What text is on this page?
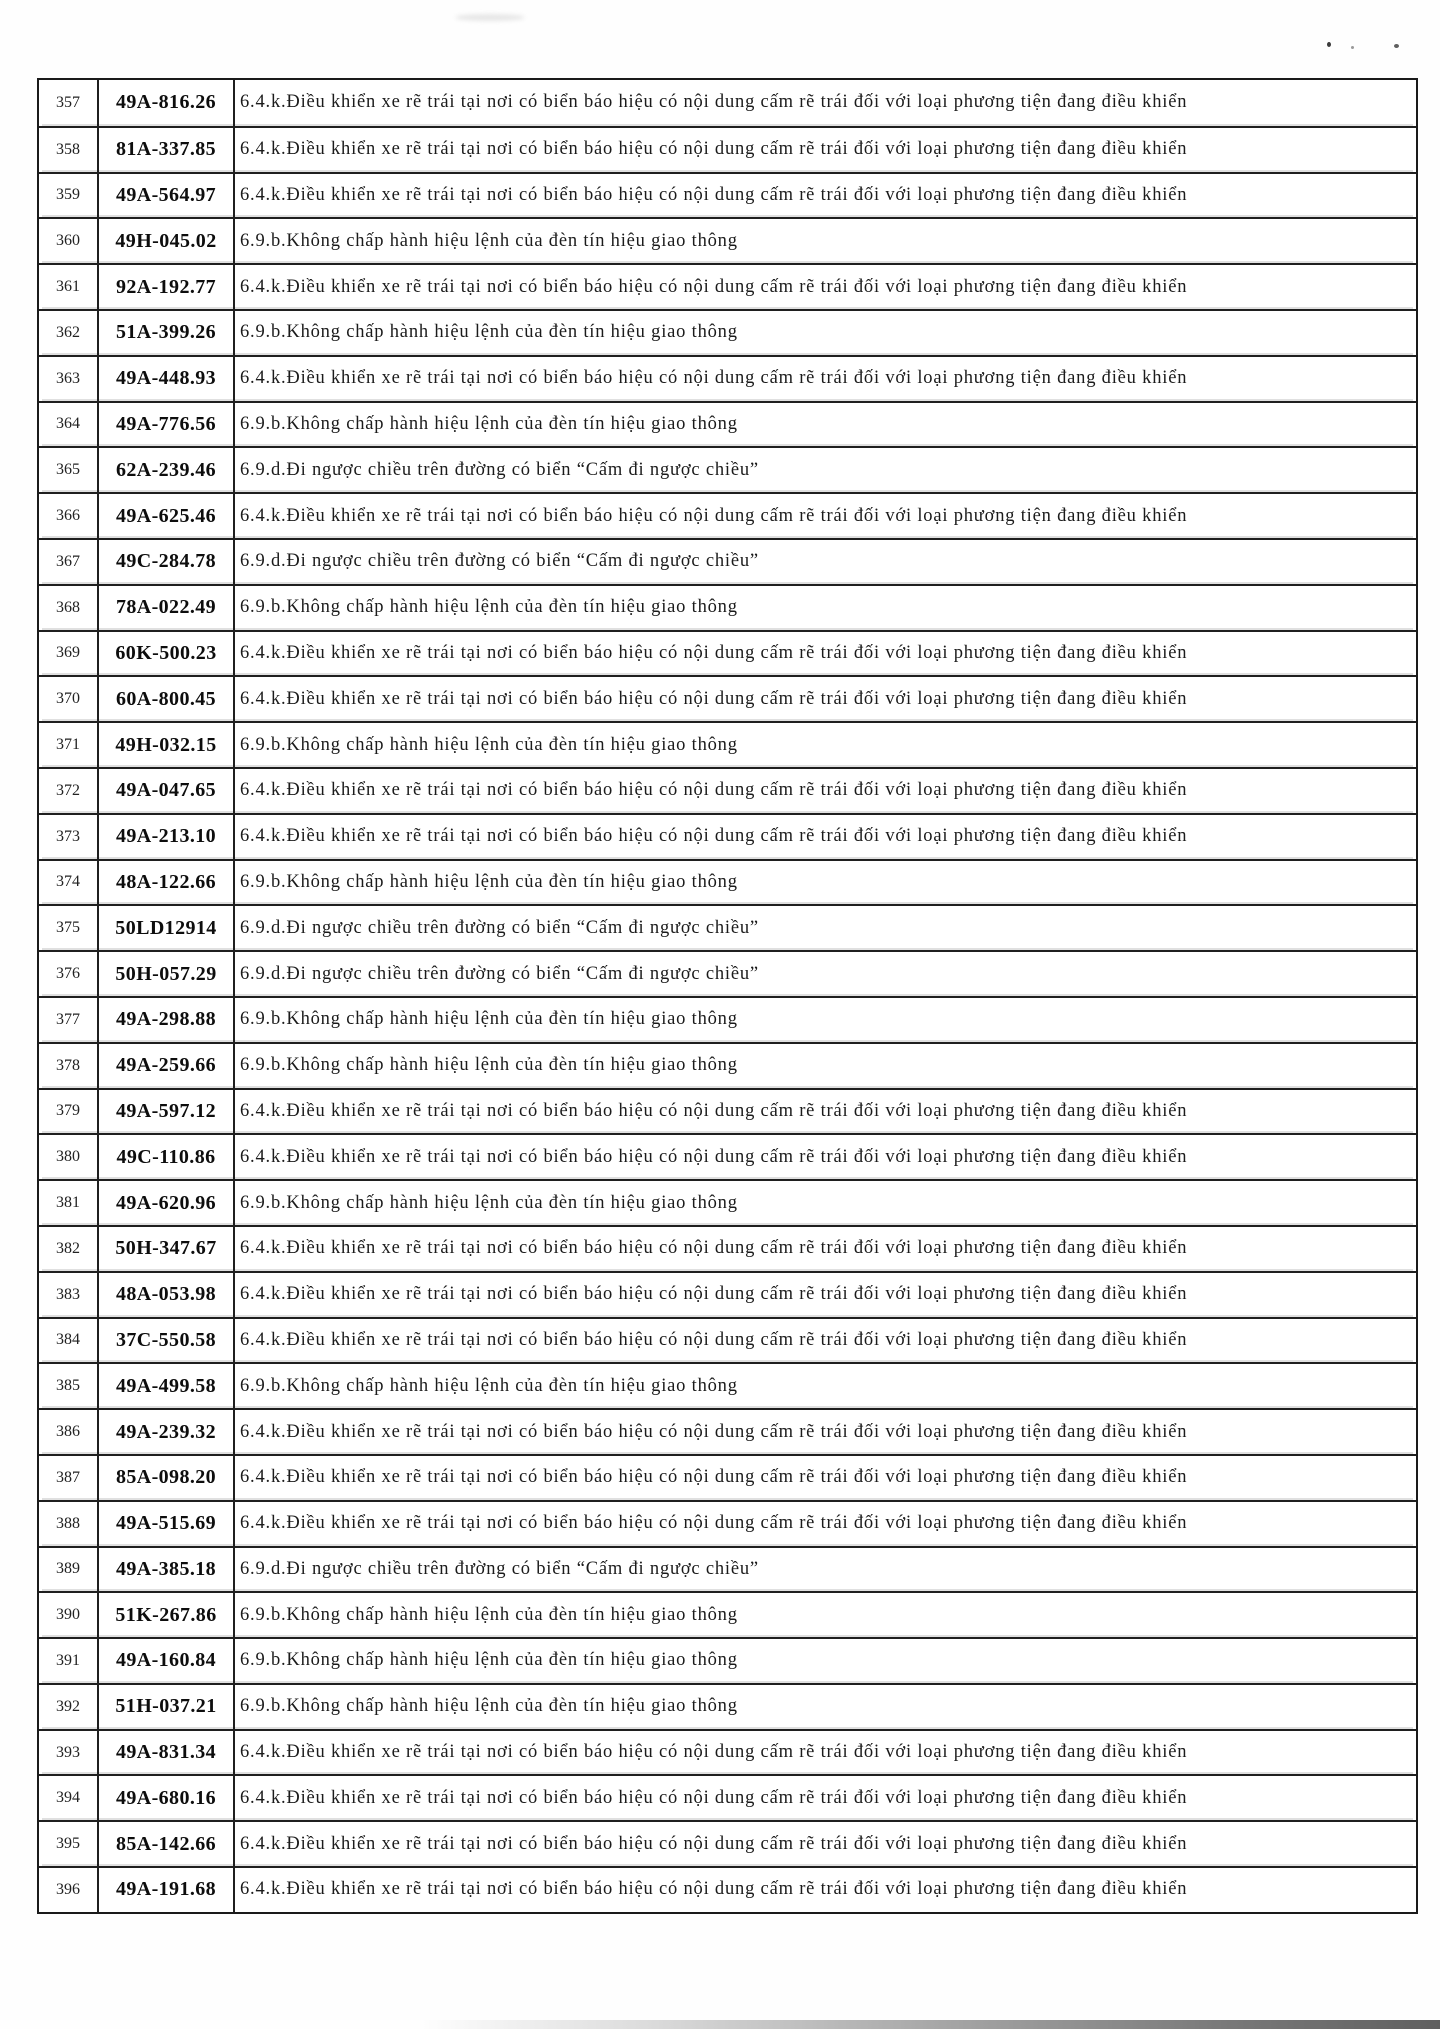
357	49A-816.26	6.4.k.Điều khiển xe rẽ trái tại nơi có biển báo hiệu có nội dung cấm rẽ trái đối với loại phương tiện đang điều khiển
358	81A-337.85	6.4.k.Điều khiển xe rẽ trái tại nơi có biển báo hiệu có nội dung cấm rẽ trái đối với loại phương tiện đang điều khiển
359	49A-564.97	6.4.k.Điều khiển xe rẽ trái tại nơi có biển báo hiệu có nội dung cấm rẽ trái đối với loại phương tiện đang điều khiển
360	49H-045.02	6.9.b.Không chấp hành hiệu lệnh của đèn tín hiệu giao thông
361	92A-192.77	6.4.k.Điều khiển xe rẽ trái tại nơi có biển báo hiệu có nội dung cấm rẽ trái đối với loại phương tiện đang điều khiển
362	51A-399.26	6.9.b.Không chấp hành hiệu lệnh của đèn tín hiệu giao thông
363	49A-448.93	6.4.k.Điều khiển xe rẽ trái tại nơi có biển báo hiệu có nội dung cấm rẽ trái đối với loại phương tiện đang điều khiển
364	49A-776.56	6.9.b.Không chấp hành hiệu lệnh của đèn tín hiệu giao thông
365	62A-239.46	6.9.d.Đi ngược chiều trên đường có biển “Cấm đi ngược chiều”
366	49A-625.46	6.4.k.Điều khiển xe rẽ trái tại nơi có biển báo hiệu có nội dung cấm rẽ trái đối với loại phương tiện đang điều khiển
367	49C-284.78	6.9.d.Đi ngược chiều trên đường có biển “Cấm đi ngược chiều”
368	78A-022.49	6.9.b.Không chấp hành hiệu lệnh của đèn tín hiệu giao thông
369	60K-500.23	6.4.k.Điều khiển xe rẽ trái tại nơi có biển báo hiệu có nội dung cấm rẽ trái đối với loại phương tiện đang điều khiển
370	60A-800.45	6.4.k.Điều khiển xe rẽ trái tại nơi có biển báo hiệu có nội dung cấm rẽ trái đối với loại phương tiện đang điều khiển
371	49H-032.15	6.9.b.Không chấp hành hiệu lệnh của đèn tín hiệu giao thông
372	49A-047.65	6.4.k.Điều khiển xe rẽ trái tại nơi có biển báo hiệu có nội dung cấm rẽ trái đối với loại phương tiện đang điều khiển
373	49A-213.10	6.4.k.Điều khiển xe rẽ trái tại nơi có biển báo hiệu có nội dung cấm rẽ trái đối với loại phương tiện đang điều khiển
374	48A-122.66	6.9.b.Không chấp hành hiệu lệnh của đèn tín hiệu giao thông
375	50LD12914	6.9.d.Đi ngược chiều trên đường có biển “Cấm đi ngược chiều”
376	50H-057.29	6.9.d.Đi ngược chiều trên đường có biển “Cấm đi ngược chiều”
377	49A-298.88	6.9.b.Không chấp hành hiệu lệnh của đèn tín hiệu giao thông
378	49A-259.66	6.9.b.Không chấp hành hiệu lệnh của đèn tín hiệu giao thông
379	49A-597.12	6.4.k.Điều khiển xe rẽ trái tại nơi có biển báo hiệu có nội dung cấm rẽ trái đối với loại phương tiện đang điều khiển
380	49C-110.86	6.4.k.Điều khiển xe rẽ trái tại nơi có biển báo hiệu có nội dung cấm rẽ trái đối với loại phương tiện đang điều khiển
381	49A-620.96	6.9.b.Không chấp hành hiệu lệnh của đèn tín hiệu giao thông
382	50H-347.67	6.4.k.Điều khiển xe rẽ trái tại nơi có biển báo hiệu có nội dung cấm rẽ trái đối với loại phương tiện đang điều khiển
383	48A-053.98	6.4.k.Điều khiển xe rẽ trái tại nơi có biển báo hiệu có nội dung cấm rẽ trái đối với loại phương tiện đang điều khiển
384	37C-550.58	6.4.k.Điều khiển xe rẽ trái tại nơi có biển báo hiệu có nội dung cấm rẽ trái đối với loại phương tiện đang điều khiển
385	49A-499.58	6.9.b.Không chấp hành hiệu lệnh của đèn tín hiệu giao thông
386	49A-239.32	6.4.k.Điều khiển xe rẽ trái tại nơi có biển báo hiệu có nội dung cấm rẽ trái đối với loại phương tiện đang điều khiển
387	85A-098.20	6.4.k.Điều khiển xe rẽ trái tại nơi có biển báo hiệu có nội dung cấm rẽ trái đối với loại phương tiện đang điều khiển
388	49A-515.69	6.4.k.Điều khiển xe rẽ trái tại nơi có biển báo hiệu có nội dung cấm rẽ trái đối với loại phương tiện đang điều khiển
389	49A-385.18	6.9.d.Đi ngược chiều trên đường có biển “Cấm đi ngược chiều”
390	51K-267.86	6.9.b.Không chấp hành hiệu lệnh của đèn tín hiệu giao thông
391	49A-160.84	6.9.b.Không chấp hành hiệu lệnh của đèn tín hiệu giao thông
392	51H-037.21	6.9.b.Không chấp hành hiệu lệnh của đèn tín hiệu giao thông
393	49A-831.34	6.4.k.Điều khiển xe rẽ trái tại nơi có biển báo hiệu có nội dung cấm rẽ trái đối với loại phương tiện đang điều khiển
394	49A-680.16	6.4.k.Điều khiển xe rẽ trái tại nơi có biển báo hiệu có nội dung cấm rẽ trái đối với loại phương tiện đang điều khiển
395	85A-142.66	6.4.k.Điều khiển xe rẽ trái tại nơi có biển báo hiệu có nội dung cấm rẽ trái đối với loại phương tiện đang điều khiển
396	49A-191.68	6.4.k.Điều khiển xe rẽ trái tại nơi có biển báo hiệu có nội dung cấm rẽ trái đối với loại phương tiện đang điều khiển
